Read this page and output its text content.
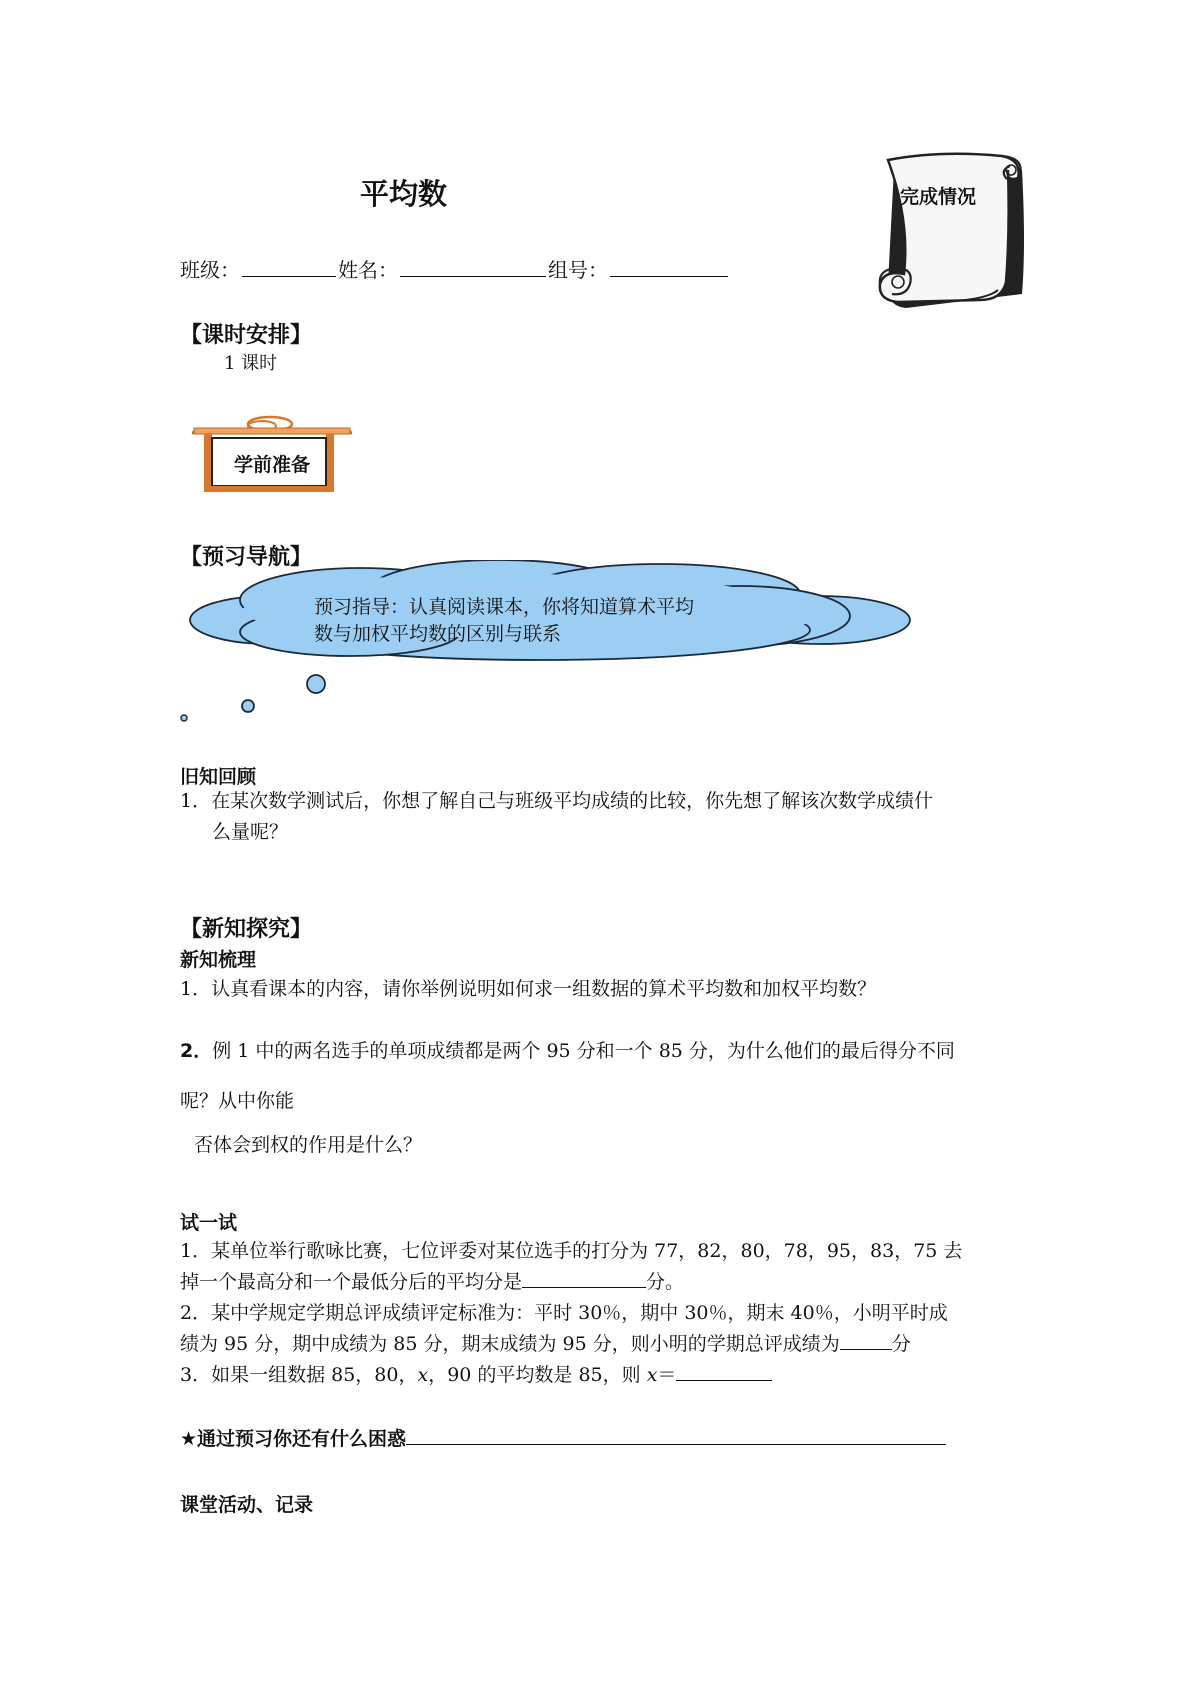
平均数	完成情况
班级：	姓名：	组号：
【课时安排】
1 课时
学前准备
【预习导航】
预习指导：认真阅读课本，你将知道算术平均
数与加权平均数的区别与联系
旧知回顾
1．在某次数学测试后，你想了解自己与班级平均成绩的比较，你先想了解该次数学成绩什
么量呢？
【新知探究】
新知梳理
1．认真看课本的内容，请你举例说明如何求一组数据的算术平均数和加权平均数？
2．例 1 中的两名选手的单项成绩都是两个 95 分和一个 85 分，为什么他们的最后得分不同
呢？从中你能
否体会到权的作用是什么？
试一试
1．某单位举行歌咏比赛，七位评委对某位选手的打分为 77，82，80，78，95，83，75 去
掉一个最高分和一个最低分后的平均分是	分。
2．某中学规定学期总评成绩评定标准为：平时 30％，期中 30％，期末 40％，小明平时成
绩为 95 分，期中成绩为 85 分，期末成绩为 95 分，则小明的学期总评成绩为	分
3．如果一组数据 85，80，x，90 的平均数是 85，则 x＝
★通过预习你还有什么困惑
课堂活动、记录
